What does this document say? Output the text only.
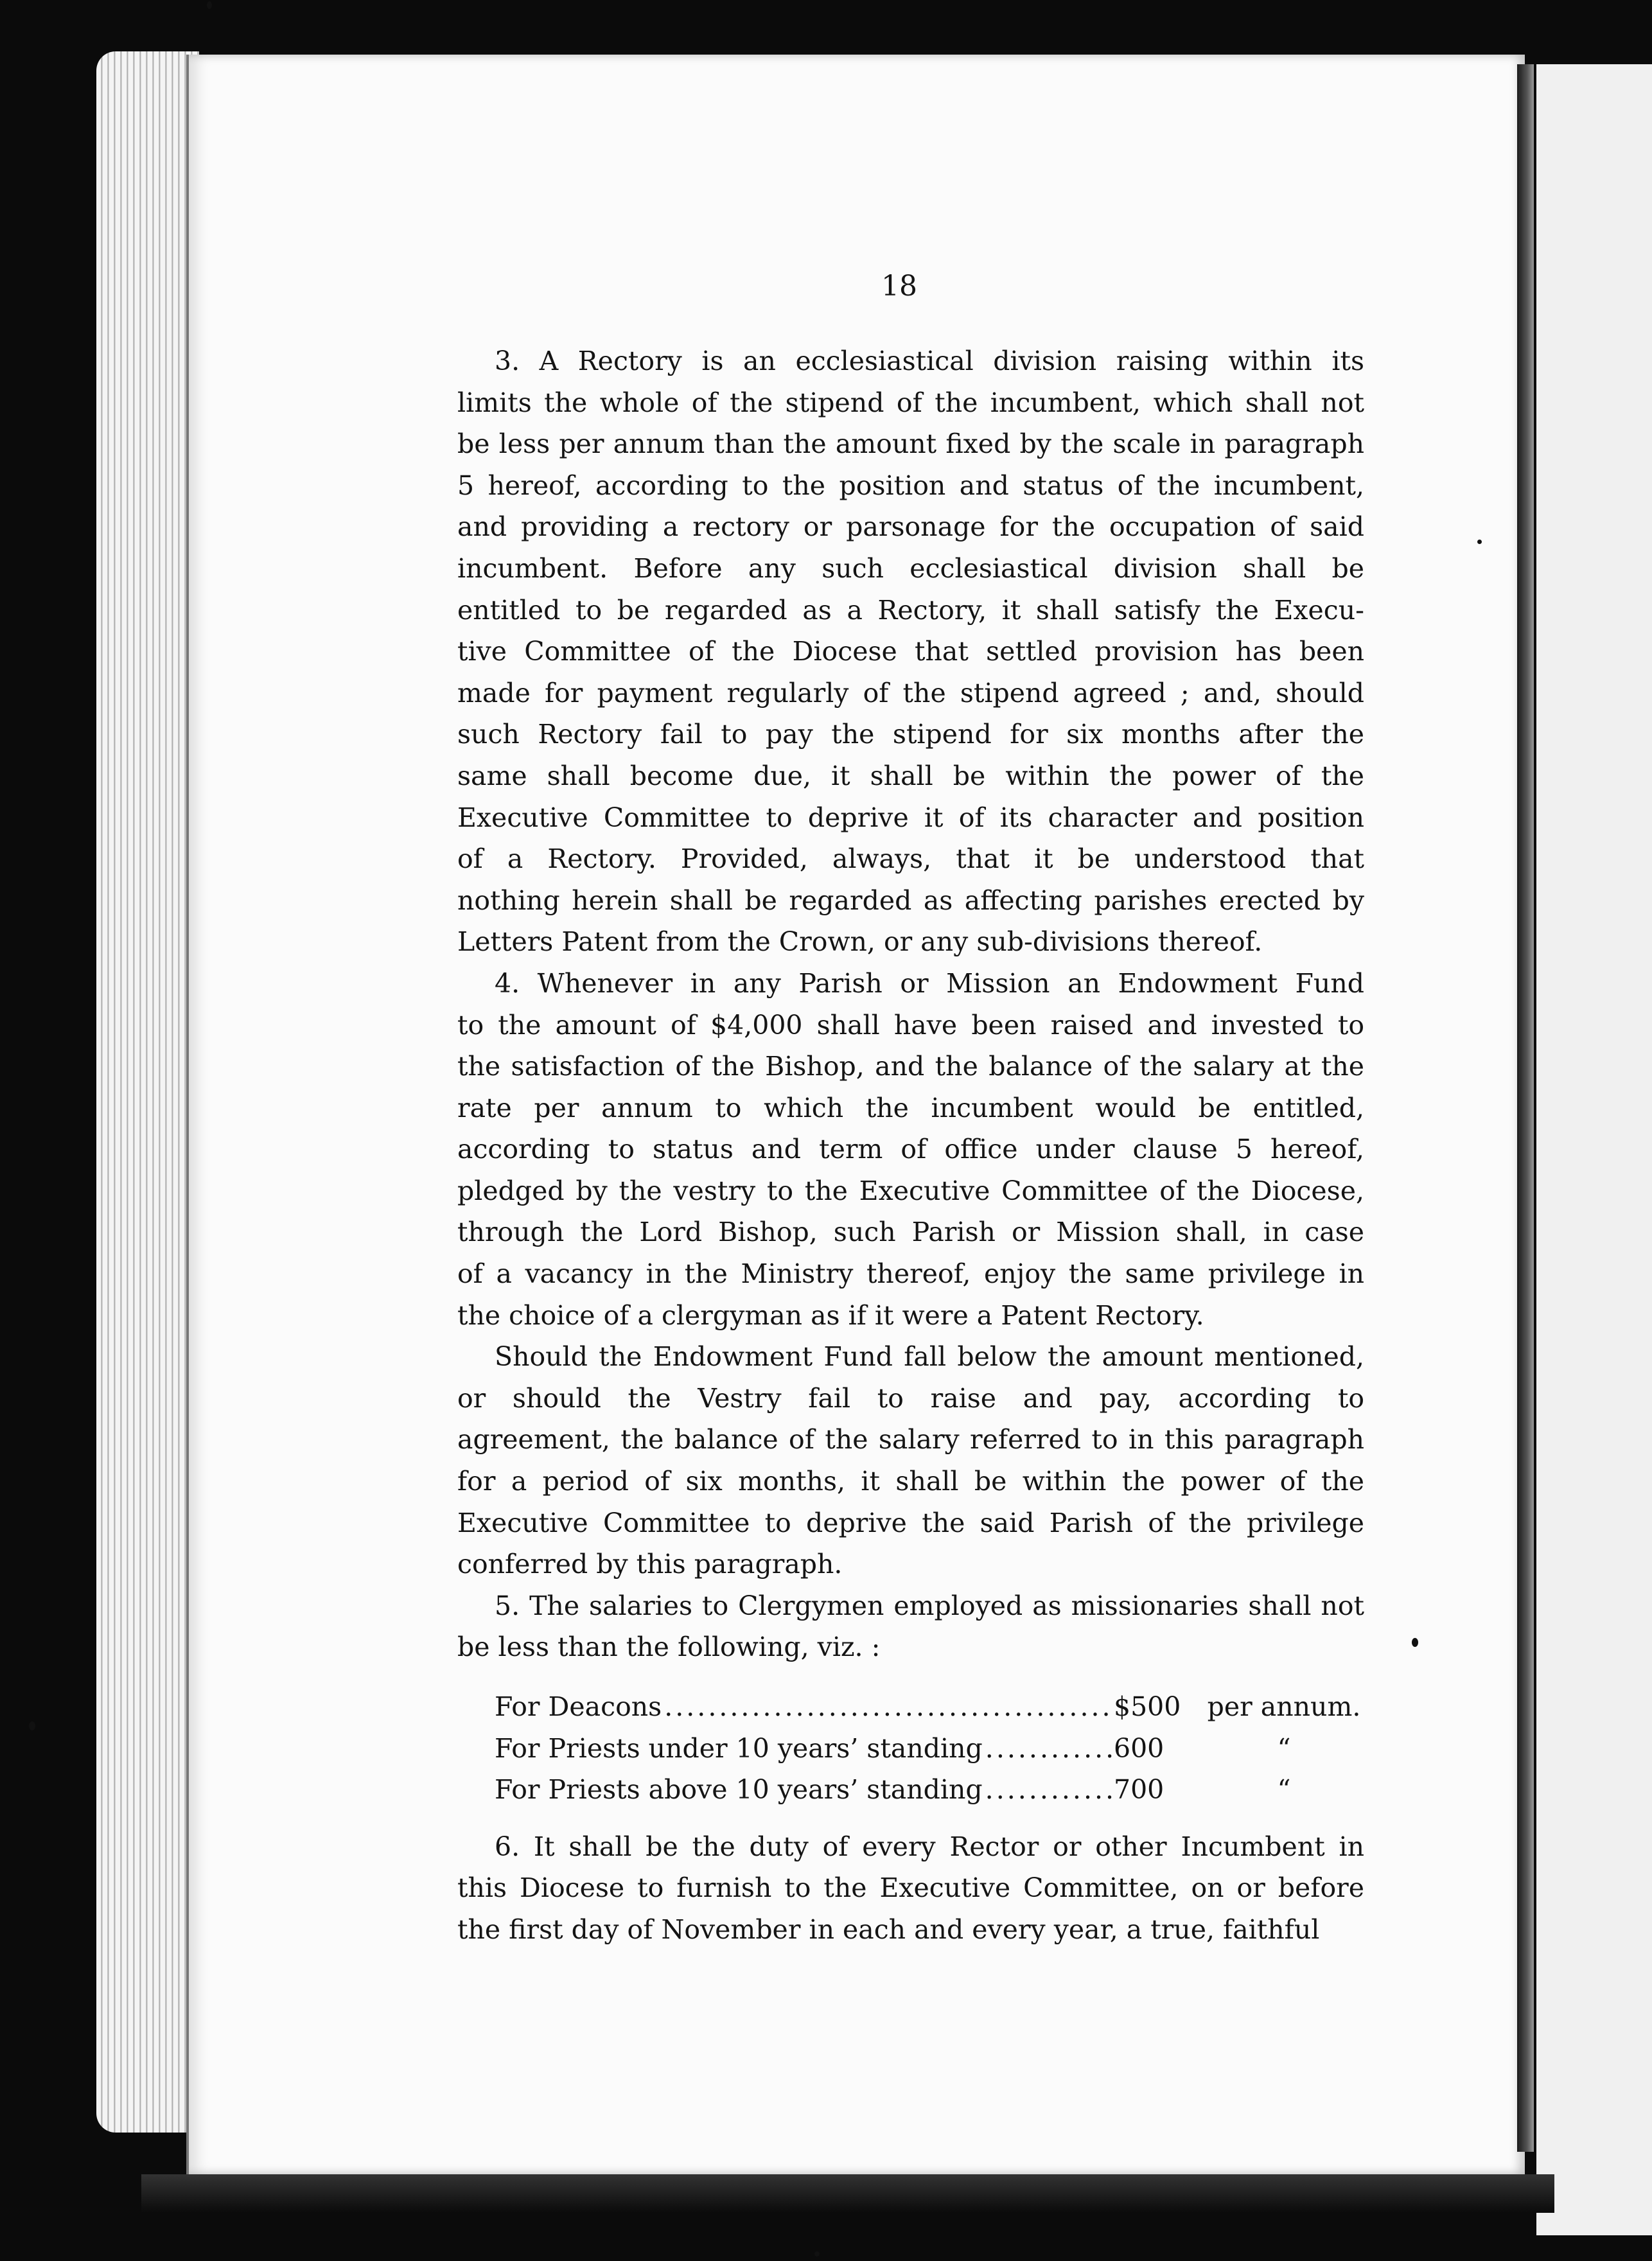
18
3. A Rectory is an ecclesiastical division raising within its
limits the whole of the stipend of the incumbent, which shall not
be less per annum than the amount fixed by the scale in paragraph
5 hereof, according to the position and status of the incumbent,
and providing a rectory or parsonage for the occupation of said
incumbent. Before any such ecclesiastical division shall be
entitled to be regarded as a Rectory, it shall satisfy the Execu-
tive Committee of the Diocese that settled provision has been
made for payment regularly of the stipend agreed ; and, should
such Rectory fail to pay the stipend for six months after the
same shall become due, it shall be within the power of the
Executive Committee to deprive it of its character and position
of a Rectory. Provided, always, that it be understood that
nothing herein shall be regarded as affecting parishes erected by
Letters Patent from the Crown, or any sub-divisions thereof.
4. Whenever in any Parish or Mission an Endowment Fund
to the amount of $4,000 shall have been raised and invested to
the satisfaction of the Bishop, and the balance of the salary at the
rate per annum to which the incumbent would be entitled,
according to status and term of office under clause 5 hereof,
pledged by the vestry to the Executive Committee of the Diocese,
through the Lord Bishop, such Parish or Mission shall, in case
of a vacancy in the Ministry thereof, enjoy the same privilege in
the choice of a clergyman as if it were a Patent Rectory.
Should the Endowment Fund fall below the amount mentioned,
or should the Vestry fail to raise and pay, according to
agreement, the balance of the salary referred to in this paragraph
for a period of six months, it shall be within the power of the
Executive Committee to deprive the said Parish of the privilege
conferred by this paragraph.
5. The salaries to Clergymen employed as missionaries shall not
be less than the following, viz. :
For Deacons .....	$500	per annum.
For Priests under 10 years’ standing .....	600	“
For Priests above 10 years’ standing .....	700	“
6. It shall be the duty of every Rector or other Incumbent in
this Diocese to furnish to the Executive Committee, on or before
the first day of November in each and every year, a true, faithful
